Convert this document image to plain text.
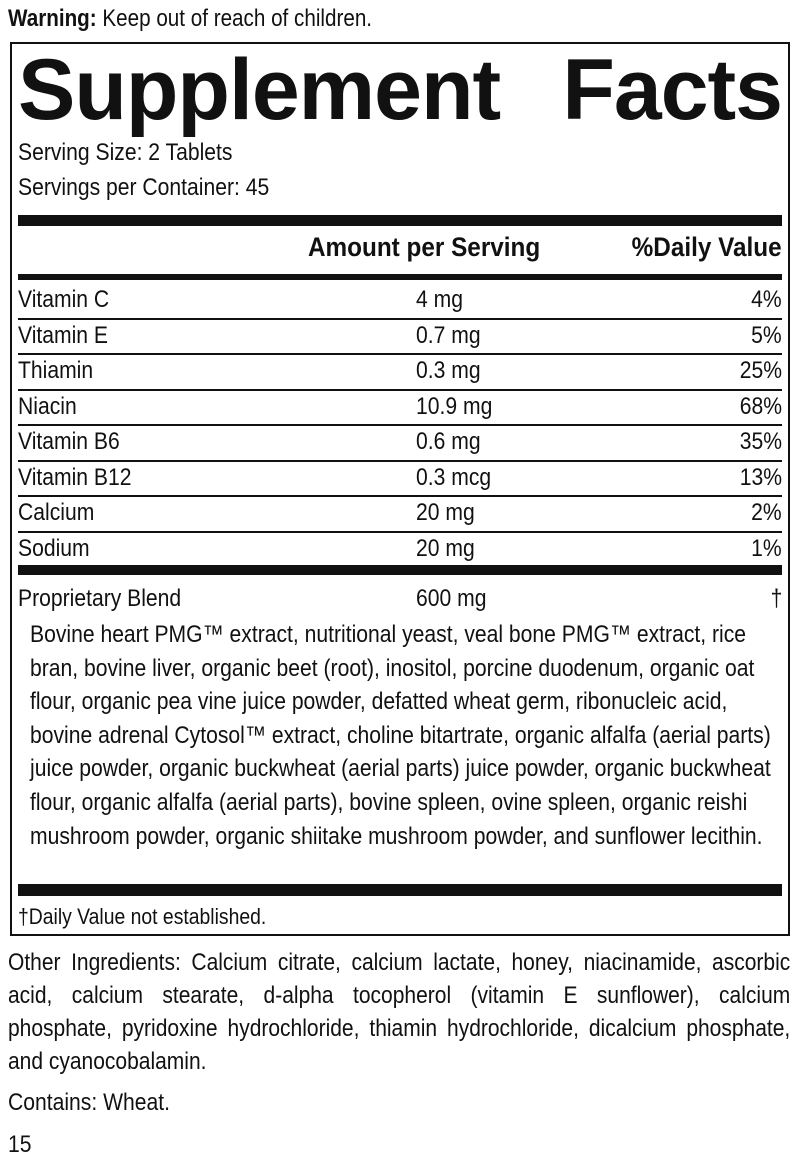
Warning: Keep out of reach of children.
Supplement Facts
Serving Size: 2 Tablets
Servings per Container: 45
Amount per Serving	%Daily Value
Vitamin C	4 mg	4%
Vitamin E	0.7 mg	5%
Thiamin	0.3 mg	25%
Niacin	10.9 mg	68%
Vitamin B6	0.6 mg	35%
Vitamin B12	0.3 mcg	13%
Calcium	20 mg	2%
Sodium	20 mg	1%
Proprietary Blend	600 mg	†
Bovine heart PMG™ extract, nutritional yeast, veal bone PMG™ extract, rice bran, bovine liver, organic beet (root), inositol, porcine duodenum, organic oat flour, organic pea vine juice powder, defatted wheat germ, ribonucleic acid, bovine adrenal Cytosol™ extract, choline bitartrate, organic alfalfa (aerial parts) juice powder, organic buckwheat (aerial parts) juice powder, organic buckwheat flour, organic alfalfa (aerial parts), bovine spleen, ovine spleen, organic reishi mushroom powder, organic shiitake mushroom powder, and sunflower lecithin.
†Daily Value not established.
Other Ingredients: Calcium citrate, calcium lactate, honey, niacinamide, ascorbic acid, calcium stearate, d-alpha tocopherol (vitamin E sunflower), calcium phosphate, pyridoxine hydrochloride, thiamin hydrochloride, dicalcium phosphate, and cyanocobalamin.
Contains: Wheat.
15
